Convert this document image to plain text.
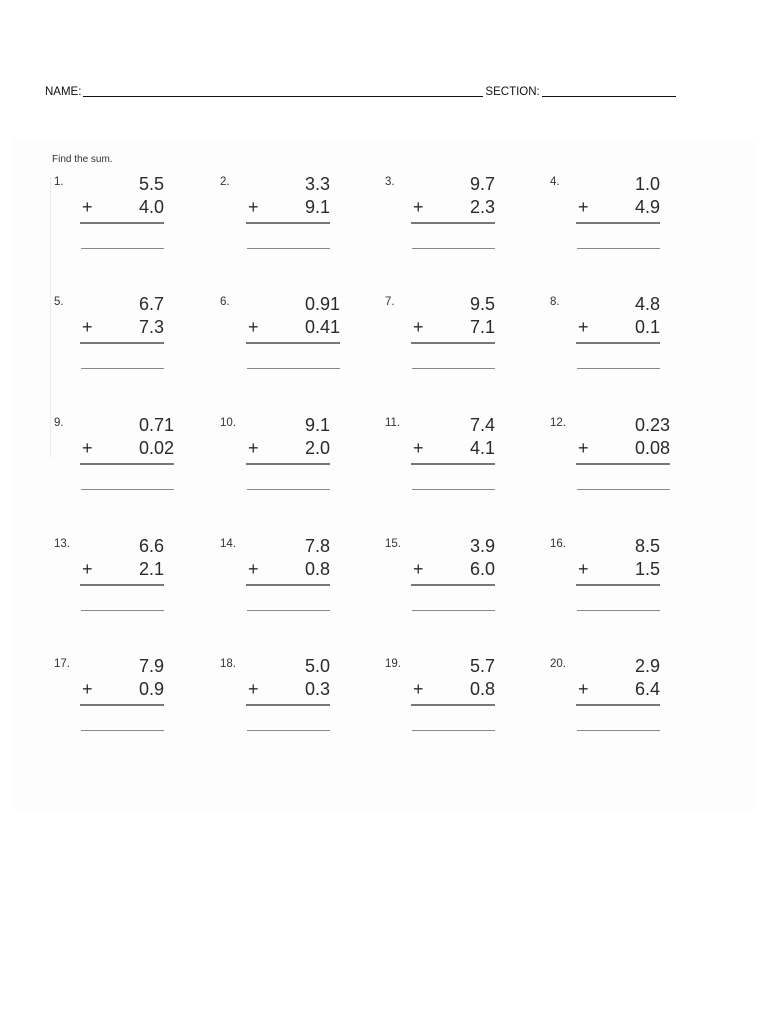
NAME:	SECTION:
Find the sum.
1.	5.5
+	4.0
2.	3.3
+	9.1
3.	9.7
+	2.3
4.	1.0
+	4.9
5.	6.7
+	7.3
6.	0.91
+	0.41
7.	9.5
+	7.1
8.	4.8
+	0.1
9.	0.71
+	0.02
10.	9.1
+	2.0
11.	7.4
+	4.1
12.	0.23
+	0.08
13.	6.6
+	2.1
14.	7.8
+	0.8
15.	3.9
+	6.0
16.	8.5
+	1.5
17.	7.9
+	0.9
18.	5.0
+	0.3
19.	5.7
+	0.8
20.	2.9
+	6.4
